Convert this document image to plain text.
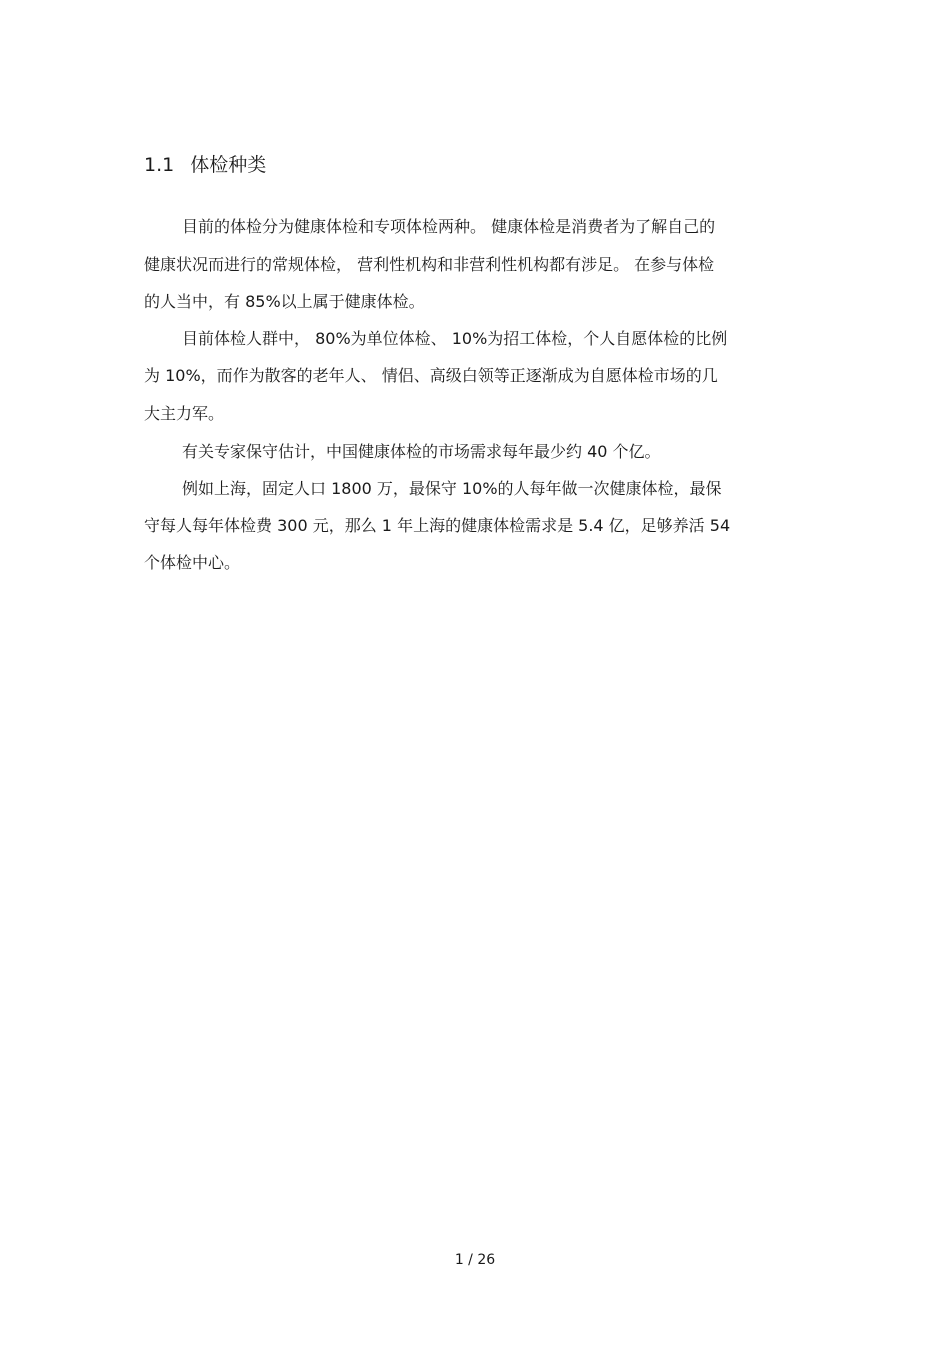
1.1 体检种类
目前的体检分为健康体检和专项体检两种。 健康体检是消费者为了解自己的
健康状况而进行的常规体检， 营利性机构和非营利性机构都有涉足。 在参与体检
的人当中，有 85%以上属于健康体检。
目前体检人群中， 80%为单位体检、 10%为招工体检，个人自愿体检的比例
为 10%，而作为散客的老年人、 情侣、高级白领等正逐渐成为自愿体检市场的几
大主力军。
有关专家保守估计，中国健康体检的市场需求每年最少约 40 个亿。
例如上海，固定人口 1800 万，最保守 10%的人每年做一次健康体检，最保
守每人每年体检费 300 元，那么 1 年上海的健康体检需求是 5.4 亿，足够养活 54
个体检中心。
1 / 26
